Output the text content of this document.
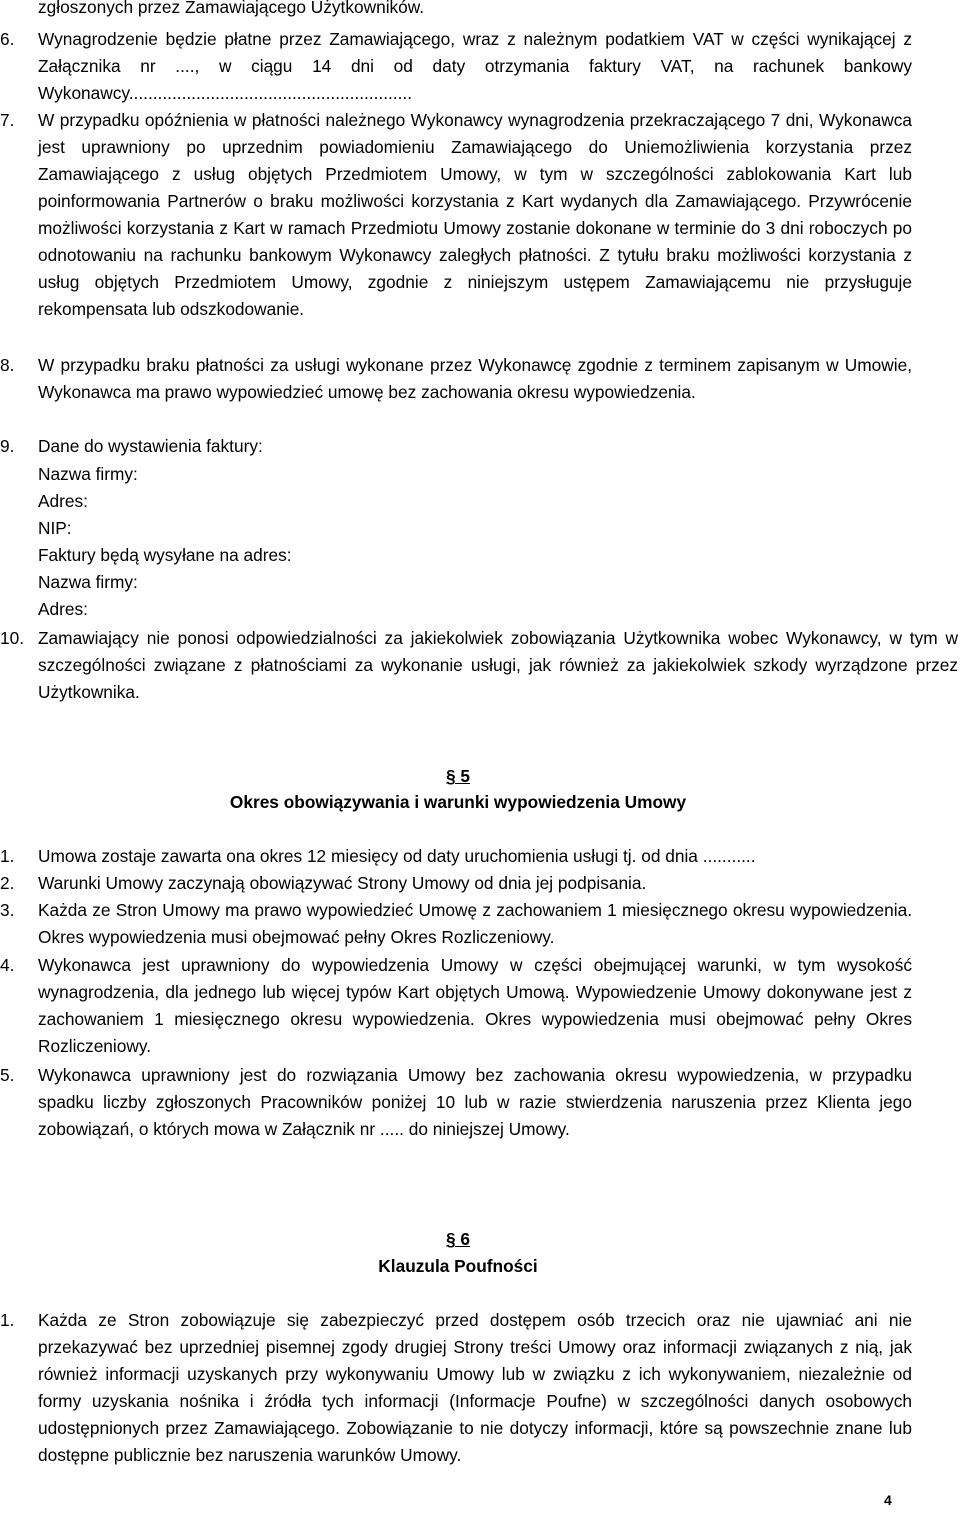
zgłoszonych przez Zamawiającego Użytkowników.
6. Wynagrodzenie będzie płatne przez Zamawiającego, wraz z należnym podatkiem VAT w części wynikającej z Załącznika nr ...., w ciągu 14 dni od daty otrzymania faktury VAT, na rachunek bankowy Wykonawcy...........................................................

7. W przypadku opóźnienia w płatności należnego Wykonawcy wynagrodzenia przekraczającego 7 dni, Wykonawca jest uprawniony po uprzednim powiadomieniu Zamawiającego do Uniemożliwienia korzystania przez Zamawiającego z usług objętych Przedmiotem Umowy, w tym w szczególności zablokowania Kart lub poinformowania Partnerów o braku możliwości korzystania z Kart wydanych dla Zamawiającego. Przywrócenie możliwości korzystania z Kart w ramach Przedmiotu Umowy zostanie dokonane w terminie do 3 dni roboczych po odnotowaniu na rachunku bankowym Wykonawcy zaległych płatności. Z tytułu braku możliwości korzystania z usług objętych Przedmiotem Umowy, zgodnie z niniejszym ustępem Zamawiającemu nie przysługuje rekompensata lub odszkodowanie.

8. W przypadku braku płatności za usługi wykonane przez Wykonawcę zgodnie z terminem zapisanym w Umowie, Wykonawca ma prawo wypowiedzieć umowę bez zachowania okresu wypowiedzenia.

9. Dane do wystawienia faktury:

Nazwa firmy:
Adres:
NIP:
Faktury będą wysyłane na adres:
Nazwa firmy:
Adres:
10. Zamawiający nie ponosi odpowiedzialności za jakiekolwiek zobowiązania Użytkownika wobec Wykonawcy, w tym w szczególności związane z płatnościami za wykonanie usługi, jak również za jakiekolwiek szkody wyrządzone przez Użytkownika.

§ 5
Okres obowiązywania i warunki wypowiedzenia Umowy
1. Umowa zostaje zawarta ona okres 12 miesięcy od daty uruchomienia usługi tj. od dnia ...........

2. Warunki Umowy zaczynają obowiązywać Strony Umowy od dnia jej podpisania.

3. Każda ze Stron Umowy ma prawo wypowiedzieć Umowę z zachowaniem 1 miesięcznego okresu wypowiedzenia. Okres wypowiedzenia musi obejmować pełny Okres Rozliczeniowy.

4. Wykonawca jest uprawniony do wypowiedzenia Umowy w części obejmującej warunki, w tym wysokość wynagrodzenia, dla jednego lub więcej typów Kart objętych Umową. Wypowiedzenie Umowy dokonywane jest z zachowaniem 1 miesięcznego okresu wypowiedzenia. Okres wypowiedzenia musi obejmować pełny Okres Rozliczeniowy.

5. Wykonawca uprawniony jest do rozwiązania Umowy bez zachowania okresu wypowiedzenia, w przypadku spadku liczby zgłoszonych Pracowników poniżej 10 lub w razie stwierdzenia naruszenia przez Klienta jego zobowiązań, o których mowa w Załącznik nr ..... do niniejszej Umowy.

§ 6
Klauzula Poufności
1. Każda ze Stron zobowiązuje się zabezpieczyć przed dostępem osób trzecich oraz nie ujawniać ani nie przekazywać bez uprzedniej pisemnej zgody drugiej Strony treści Umowy oraz informacji związanych z nią, jak również informacji uzyskanych przy wykonywaniu Umowy lub w związku z ich wykonywaniem, niezależnie od formy uzyskania nośnika i źródła tych informacji (Informacje Poufne) w szczególności danych osobowych udostępnionych przez Zamawiającego. Zobowiązanie to nie dotyczy informacji, które są powszechnie znane lub dostępne publicznie bez naruszenia warunków Umowy.

4
